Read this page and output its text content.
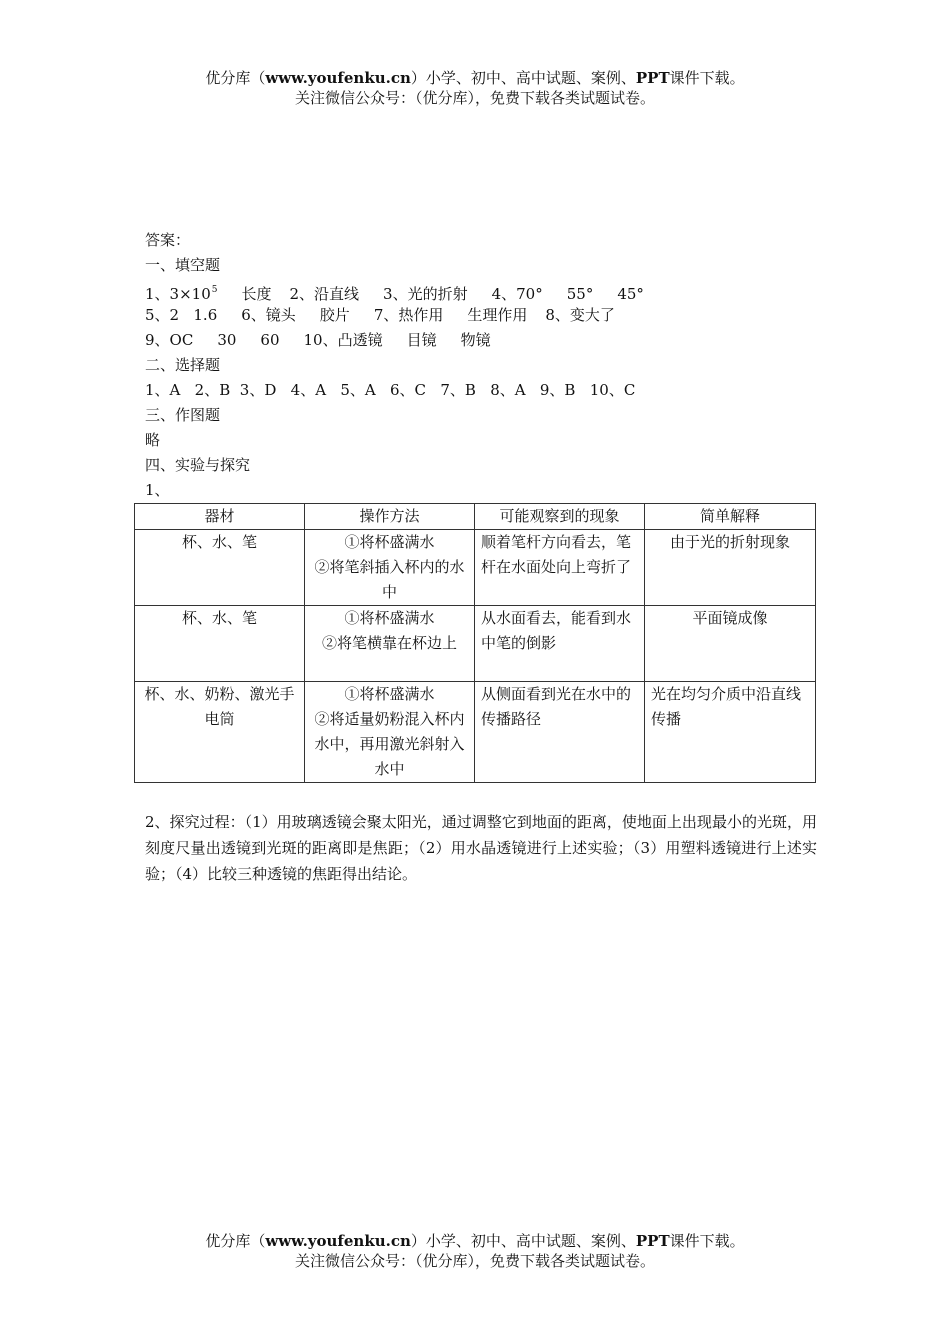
优分库（www.youfenku.cn）小学、初中、高中试题、案例、PPT课件下载。
关注微信公众号：（优分库），免费下载各类试题试卷。
答案：
一、填空题
1、$3\times 10^5$ 长度 2、沿直线 3、光的折射 4、70° 55° 45°
5、2   1.6 6、镜头 胶片 7、热作用 生理作用 8、变大了
9、OC 30 60 10、凸透镜 目镜 物镜
二、选择题
1、A   2、B  3、D   4、A   5、A   6、C   7、B   8、A   9、B   10、C
三、作图题
略
四、实验与探究
1、
器材	操作方法	可能观察到的现象	简单解释
杯、水、笔	①将杯盛满水
②将笔斜插入杯内的水中	顺着笔杆方向看去，笔杆在水面处向上弯折了	由于光的折射现象
杯、水、笔	①将杯盛满水
②将笔横靠在杯边上	从水面看去，能看到水中笔的倒影	平面镜成像
杯、水、奶粉、激光手电筒	①将杯盛满水
②将适量奶粉混入杯内水中，再用激光斜射入水中	从侧面看到光在水中的传播路径	光在均匀介质中沿直线传播
2、探究过程：（1）用玻璃透镜会聚太阳光，通过调整它到地面的距离，使地面上出现最小的光斑，用刻度尺量出透镜到光斑的距离即是焦距；（2）用水晶透镜进行上述实验；（3）用塑料透镜进行上述实验；（4）比较三种透镜的焦距得出结论。
优分库（www.youfenku.cn）小学、初中、高中试题、案例、PPT课件下载。
关注微信公众号：（优分库），免费下载各类试题试卷。
